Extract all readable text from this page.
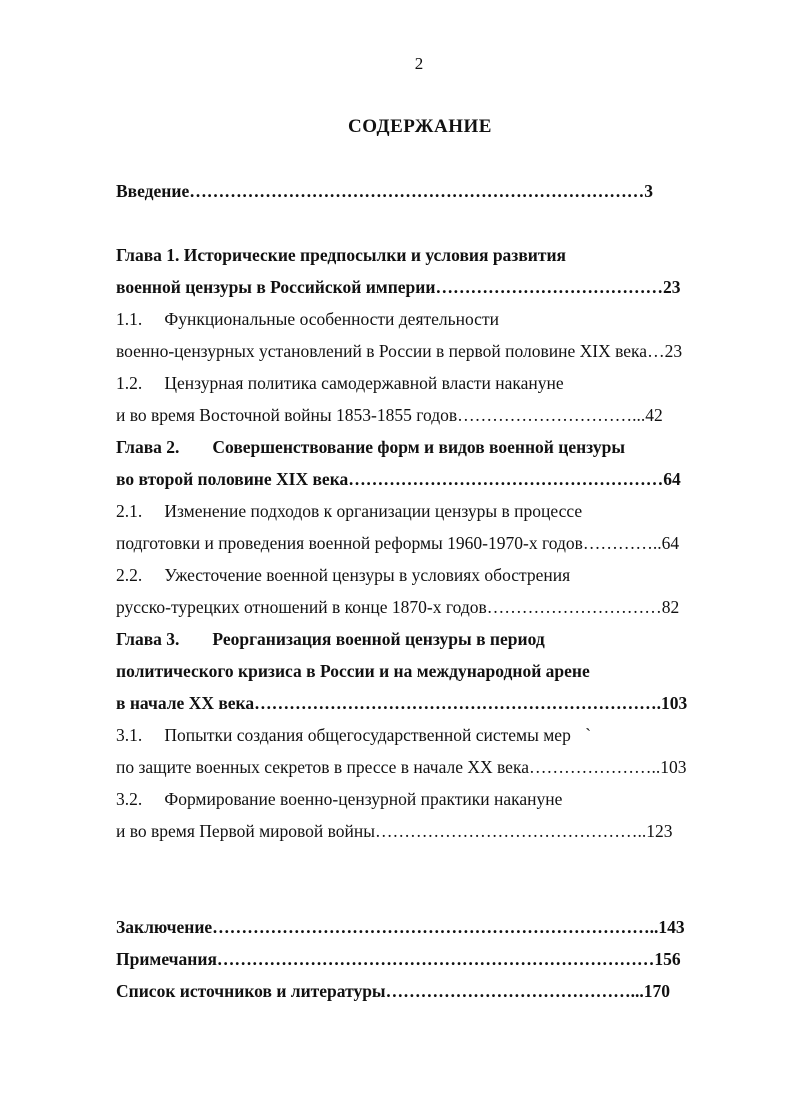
2
СОДЕРЖАНИЕ
Введение……………………………………………………………………3
Глава 1. Исторические предпосылки и условия развития
военной цензуры в Российской империи…………………………………23
1.1. Функциональные особенности деятельности
военно-цензурных установлений в России в первой половине XIX века…23
1.2. Цензурная политика самодержавной власти накануне
и во время Восточной войны 1853-1855 годов…………………………...42
Глава 2. Совершенствование форм и видов военной цензуры
во второй половине XIX века………………………………………………64
2.1. Изменение подходов к организации цензуры в процессе
подготовки и проведения военной реформы 1960-1970-х годов…………..64
2.2. Ужесточение военной цензуры в условиях обострения
русско-турецких отношений в конце 1870-х годов…………………………82
Глава 3. Реорганизация военной цензуры в период
политического кризиса в России и на международной арене
в начале XX века…………………………………………………………….103
3.1. Попытки создания общегосударственной системы мер `
по защите военных секретов в прессе в начале XX века…………………..103
3.2. Формирование военно-цензурной практики накануне
и во время Первой мировой войны………………………………………..123
Заключение…………………………………………………………………..143
Примечания…………………………………………………………………156
Список источников и литературы……………………………………...170
